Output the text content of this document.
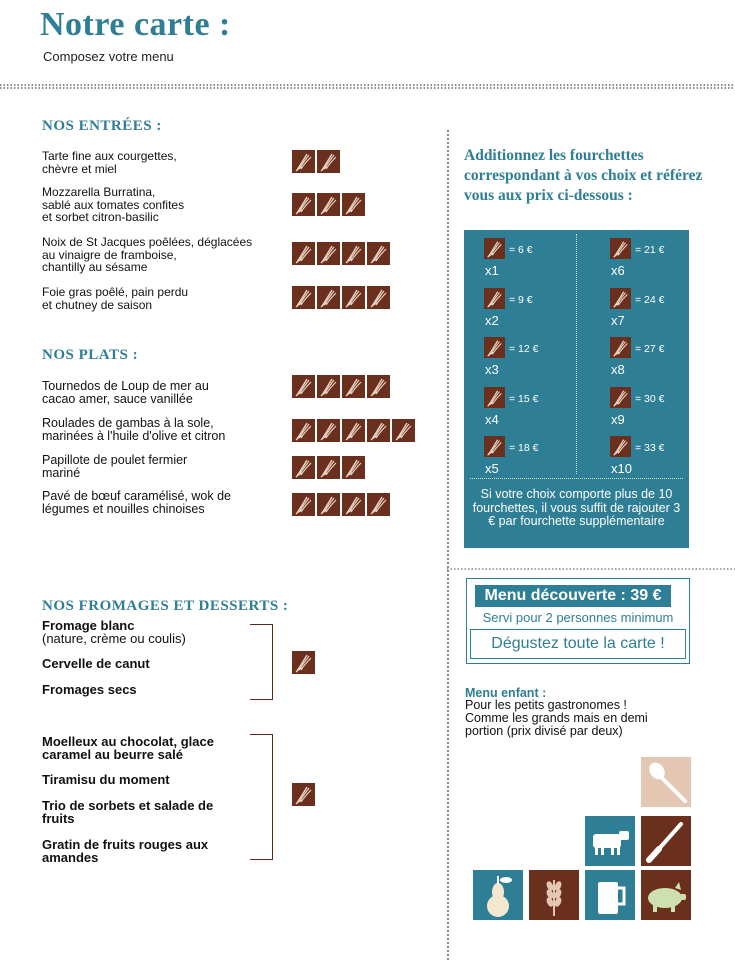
Notre carte :
Composez votre menu
NOS ENTRÉES :
Tarte fine aux courgettes,
chèvre et miel
Mozzarella Burratina,
sablé aux tomates confites
et sorbet citron-basilic
Noix de St Jacques poêlées, déglacées
au vinaigre de framboise,
chantilly au sésame
Foie gras poêlé, pain perdu
et chutney de saison
NOS PLATS :
Tournedos de Loup de mer au
cacao amer, sauce vanillée
Roulades de gambas à la sole,
marinées à l'huile d'olive et citron
Papillote de poulet fermier
mariné
Pavé de bœuf caramélisé, wok de
légumes et nouilles chinoises
NOS FROMAGES ET DESSERTS :
Fromage blanc
(nature, crème ou coulis)
Cervelle de canut
Fromages secs
Moelleux au chocolat, glace
caramel au beurre salé
Tiramisu du moment
Trio de sorbets et salade de
fruits
Gratin de fruits rouges aux
amandes
Additionnez les fourchettes correspondant à vos choix et référez vous aux prix ci-dessous :
= 6 €
x1
= 9 €
x2
= 12 €
x3
= 15 €
x4
= 18 €
x5
= 21 €
x6
= 24 €
x7
= 27 €
x8
= 30 €
x9
= 33 €
x10
Si votre choix comporte plus de 10 fourchettes, il vous suffit de rajouter 3 € par fourchette supplémentaire
Menu découverte : 39 €
Servi pour 2 personnes minimum
Dégustez toute la carte !
Menu enfant :
Pour les petits gastronomes !
Comme les grands mais en demi
portion (prix divisé par deux)
